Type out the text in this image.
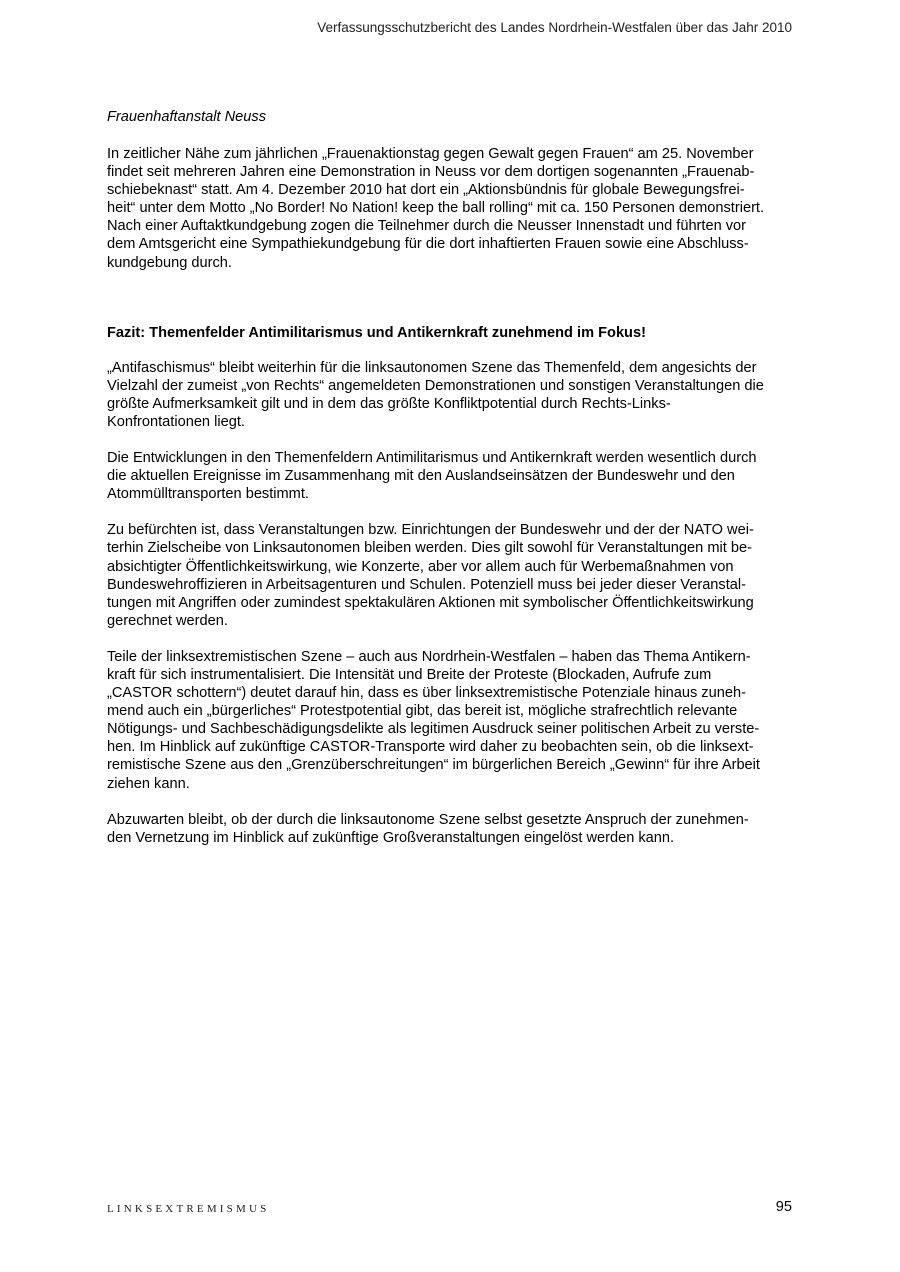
Verfassungsschutzbericht des Landes Nordrhein-Westfalen über das Jahr 2010
Frauenhaftanstalt Neuss
In zeitlicher Nähe zum jährlichen „Frauenaktionstag gegen Gewalt gegen Frauen“ am 25. November
findet seit mehreren Jahren eine Demonstration in Neuss vor dem dortigen sogenannten „Frauenab-
schiebeknast“ statt. Am 4. Dezember 2010 hat dort ein „Aktionsbündnis für globale Bewegungsfrei-
heit“ unter dem Motto „No Border! No Nation! keep the ball rolling“ mit ca. 150 Personen demonstriert.
Nach einer Auftaktkundgebung zogen die Teilnehmer durch die Neusser Innenstadt und führten vor
dem Amtsgericht eine Sympathiekundgebung für die dort inhaftierten Frauen sowie eine Abschluss-
kundgebung durch.
Fazit: Themenfelder Antimilitarismus und Antikernkraft zunehmend im Fokus!
„Antifaschismus“ bleibt weiterhin für die linksautonomen Szene das Themenfeld, dem angesichts der
Vielzahl der zumeist „von Rechts“ angemeldeten Demonstrationen und sonstigen Veranstaltungen die
größte Aufmerksamkeit gilt und in dem das größte Konfliktpotential durch Rechts-Links-
Konfrontationen liegt.
Die Entwicklungen in den Themenfeldern Antimilitarismus und Antikernkraft werden wesentlich durch
die aktuellen Ereignisse im Zusammenhang mit den Auslandseinsätzen der Bundeswehr und den
Atommülltransporten bestimmt.
Zu befürchten ist, dass Veranstaltungen bzw. Einrichtungen der Bundeswehr und der der NATO wei-
terhin Zielscheibe von Linksautonomen bleiben werden. Dies gilt sowohl für Veranstaltungen mit be-
absichtigter Öffentlichkeitswirkung, wie Konzerte, aber vor allem auch für Werbemaßnahmen von
Bundeswehroffizieren in Arbeitsagenturen und Schulen. Potenziell muss bei jeder dieser Veranstal-
tungen mit Angriffen oder zumindest spektakulären Aktionen mit symbolischer Öffentlichkeitswirkung
gerechnet werden.
Teile der linksextremistischen Szene – auch aus Nordrhein-Westfalen – haben das Thema Antikern-
kraft für sich instrumentalisiert. Die Intensität und Breite der Proteste (Blockaden, Aufrufe zum
„CASTOR schottern“) deutet darauf hin, dass es über linksextremistische Potenziale hinaus zuneh-
mend auch ein „bürgerliches“ Protestpotential gibt, das bereit ist, mögliche strafrechtlich relevante
Nötigungs- und Sachbeschädigungsdelikte als legitimen Ausdruck seiner politischen Arbeit zu verste-
hen. Im Hinblick auf zukünftige CASTOR-Transporte wird daher zu beobachten sein, ob die linksext-
remistische Szene aus den „Grenzüberschreitungen“ im bürgerlichen Bereich „Gewinn“ für ihre Arbeit
ziehen kann.
Abzuwarten bleibt, ob der durch die linksautonome Szene selbst gesetzte Anspruch der zunehmen-
den Vernetzung im Hinblick auf zukünftige Großveranstaltungen eingelöst werden kann.
LINKSEXTREMISMUS	95
